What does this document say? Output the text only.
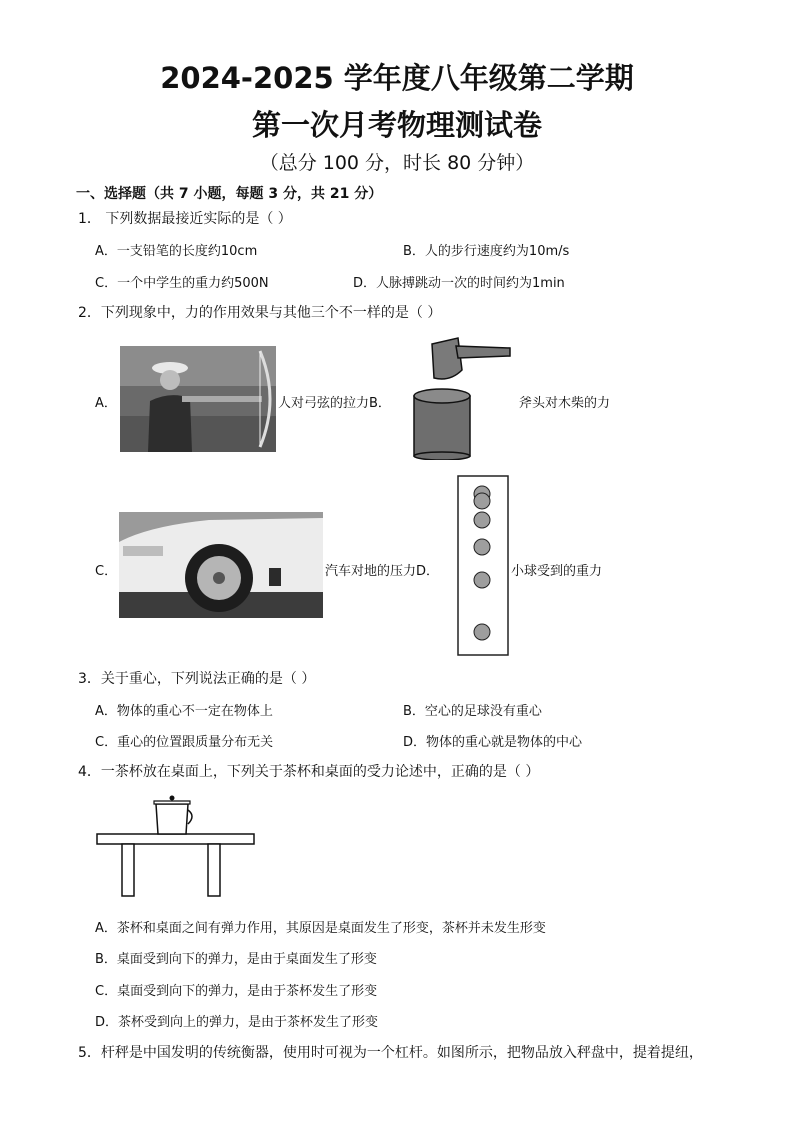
2024-2025 学年度八年级第二学期
第一次月考物理测试卷
（总分 100 分，时长 80 分钟）
一、选择题（共 7 小题，每题 3 分，共 21 分）
1． 下列数据最接近实际的是（ ）
A．一支铅笔的长度约10cm	B．人的步行速度约为10m/s
C．一个中学生的重力约500N	D．人脉搏跳动一次的时间约为1min
2．下列现象中，力的作用效果与其他三个不一样的是（ ）
A．	人对弓弦的拉力B．	斧头对木柴的力
C．	汽车对地的压力D．	小球受到的重力
3．关于重心，下列说法正确的是（ ）
A．物体的重心不一定在物体上	B．空心的足球没有重心
C．重心的位置跟质量分布无关	D．物体的重心就是物体的中心
4．一茶杯放在桌面上，下列关于茶杯和桌面的受力论述中，正确的是（ ）
A．茶杯和桌面之间有弹力作用，其原因是桌面发生了形变，茶杯并未发生形变
B．桌面受到向下的弹力，是由于桌面发生了形变
C．桌面受到向下的弹力，是由于茶杯发生了形变
D．茶杯受到向上的弹力，是由于茶杯发生了形变
5．杆秤是中国发明的传统衡器，使用时可视为一个杠杆。如图所示，把物品放入秤盘中，提着提纽，
